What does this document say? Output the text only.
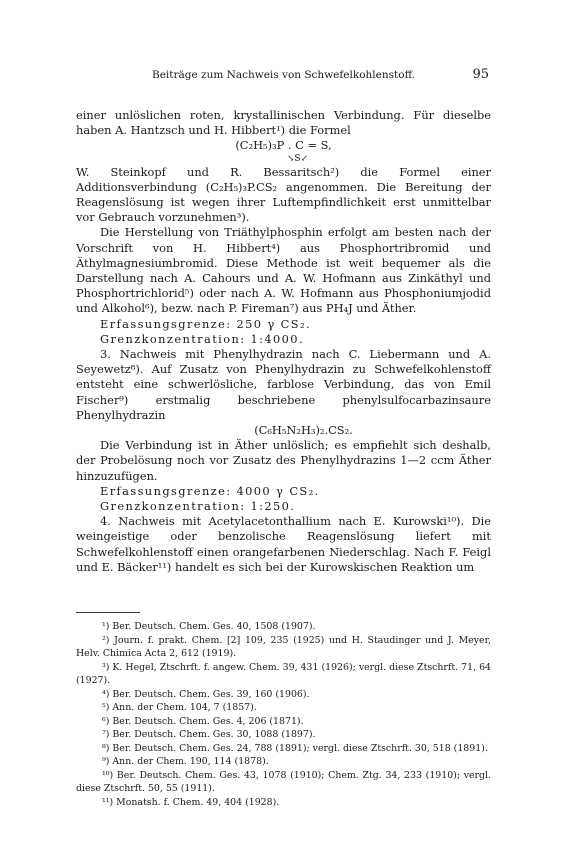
Beiträge zum Nachweis von Schwefelkohlenstoff.	95

einer unlöslichen roten, krystallinischen Verbindung. Für dieselbe

haben A. Hantzsch und H. Hibbert¹) die Formel

(C₂H₅)₃P . C = S,
↘S↙

W. Steinkopf und R. Bessaritsch²) die Formel einer Additionsverbindung (C₂H₅)₃P.CS₂ angenommen. Die Bereitung der Reagenslösung ist wegen ihrer Luftempfindlichkeit erst unmittelbar vor Gebrauch vorzunehmen³).

Die Herstellung von Triäthylphosphin erfolgt am besten nach der Vorschrift von H. Hibbert⁴) aus Phosphortribromid und Äthylmagnesiumbromid. Diese Methode ist weit bequemer als die Darstellung nach A. Cahours und A. W. Hofmann aus Zinkäthyl und Phosphortrichlorid⁵) oder nach A. W. Hofmann aus Phosphoniumjodid und Alkohol⁶), bezw. nach P. Fireman⁷) aus PH₄J und Äther.

Erfassungsgrenze: 250 γ CS₂.

Grenzkonzentration: 1:4000.

3. Nachweis mit Phenylhydrazin nach C. Liebermann und A. Seyewetz⁸). Auf Zusatz von Phenylhydrazin zu Schwefelkohlenstoff entsteht eine schwerlösliche, farblose Verbindung, das von Emil Fischer⁹) erstmalig beschriebene phenylsulfocarbazinsaure Phenylhydrazin

(C₆H₅N₂H₃)₂.CS₂.

Die Verbindung ist in Äther unlöslich; es empfiehlt sich deshalb, der Probelösung noch vor Zusatz des Phenylhydrazins 1—2 ccm Äther hinzuzufügen.

Erfassungsgrenze: 4000 γ CS₂.

Grenzkonzentration: 1:250.

4. Nachweis mit Acetylacetonthallium nach E. Kurowski¹⁰). Die weingeistige oder benzolische Reagenslösung liefert mit Schwefelkohlenstoff einen orangefarbenen Niederschlag. Nach F. Feigl und E. Bäcker¹¹) handelt es sich bei der Kurowskischen Reaktion um

¹) Ber. Deutsch. Chem. Ges. 40, 1508 (1907).

²) Journ. f. prakt. Chem. [2] 109, 235 (1925) und H. Staudinger und J. Meyer, Helv. Chimica Acta 2, 612 (1919).

³) K. Hegel, Ztschrft. f. angew. Chem. 39, 431 (1926); vergl. diese Ztschrft. 71, 64 (1927).

⁴) Ber. Deutsch. Chem. Ges. 39, 160 (1906).

⁵) Ann. der Chem. 104, 7 (1857).

⁶) Ber. Deutsch. Chem. Ges. 4, 206 (1871).

⁷) Ber. Deutsch. Chem. Ges. 30, 1088 (1897).

⁸) Ber. Deutsch. Chem. Ges. 24, 788 (1891); vergl. diese Ztschrft. 30, 518 (1891).

⁹) Ann. der Chem. 190, 114 (1878).

¹⁰) Ber. Deutsch. Chem. Ges. 43, 1078 (1910); Chem. Ztg. 34, 233 (1910); vergl. diese Ztschrft. 50, 55 (1911).

¹¹) Monatsh. f. Chem. 49, 404 (1928).
